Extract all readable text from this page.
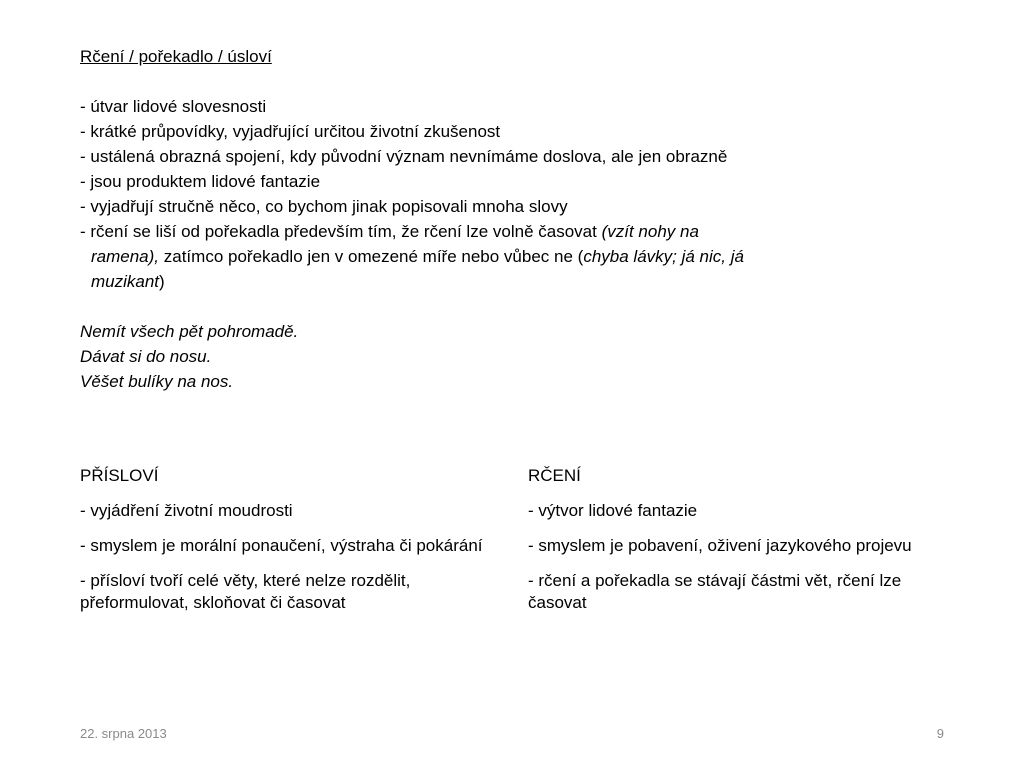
Rčení / pořekadlo / úsloví
- útvar lidové slovesnosti
- krátké průpovídky, vyjadřující určitou životní zkušenost
- ustálená obrazná spojení, kdy původní význam nevnímáme doslova, ale jen obrazně
- jsou produktem lidové fantazie
- vyjadřují stručně něco, co bychom jinak popisovali mnoha slovy
- rčení se liší od pořekadla především tím, že rčení lze volně časovat (vzít nohy na
ramena), zatímco pořekadlo jen v omezené míře nebo vůbec ne (chyba lávky; já nic, já
muzikant)
Nemít všech pět pohromadě.
Dávat si do nosu.
Věšet bulíky na nos.
PŘÍSLOVÍ
- vyjádření životní moudrosti
- smyslem je morální ponaučení, výstraha či pokárání
- přísloví tvoří celé věty, které nelze rozdělit, přeformulovat, skloňovat či časovat
RČENÍ
- výtvor lidové fantazie
- smyslem je pobavení, oživení jazykového projevu
- rčení a pořekadla se stávají částmi vět, rčení lze časovat
22. srpna 2013	9
